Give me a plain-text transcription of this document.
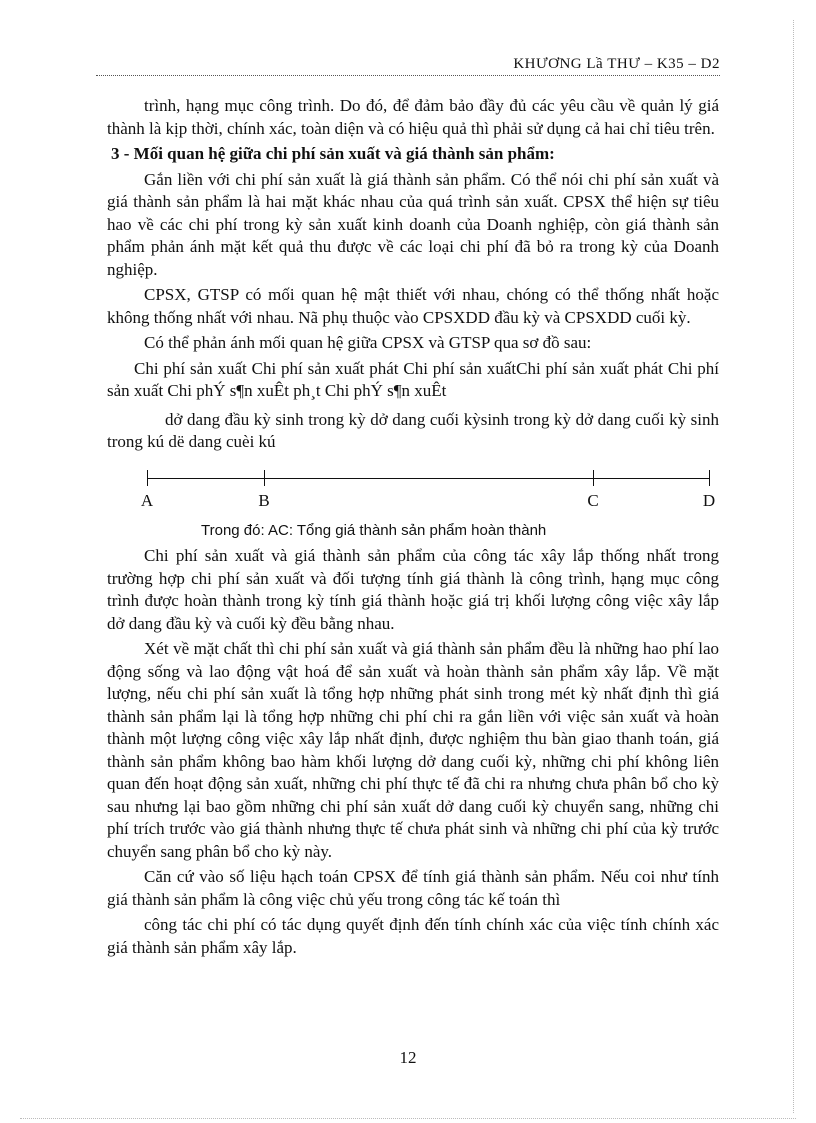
KHƯƠNG Lầ THƯ – K35 – D2

trình, hạng mục công trình. Do đó, để đảm bảo đầy đủ các yêu cầu về quản lý giá thành là kịp thời, chính xác, toàn diện và có hiệu quả thì phải sử dụng cả hai chỉ tiêu trên.

3 - Mối quan hệ giữa chi phí sản xuất và giá thành sản phẩm:

Gắn liền với chi phí sản xuất là giá thành sản phẩm. Có thể nói chi phí sản xuất và giá thành sản phẩm là hai mặt khác nhau của quá trình sản xuất. CPSX thể hiện sự tiêu hao về các chi phí trong kỳ sản xuất kinh doanh của Doanh nghiệp, còn giá thành sản phẩm phản ánh mặt kết quả thu được về các loại chi phí đã bỏ ra trong kỳ của Doanh nghiệp.

CPSX, GTSP có mối quan hệ mật thiết với nhau, chóng có thể thống nhất hoặc không thống nhất với nhau. Nã phụ thuộc vào CPSXDD đầu kỳ và CPSXDD cuối kỳ.

Có thể phản ánh mối quan hệ giữa CPSX và GTSP qua sơ đồ sau:

Chi phí sản xuất Chi phí sản xuất phát Chi phí sản xuấtChi phí sản xuất phát Chi phí sản xuất Chi phÝ s¶n xuÊt ph¸t Chi phÝ s¶n xuÊt

dở dang đầu kỳ sinh trong kỳ dở dang cuối kỳsinh trong kỳ dở dang cuối kỳ sinh trong kú dë dang cuèi kú

A	B	C	D

Trong đó: AC: Tổng giá thành sản phẩm hoàn thành

Chi phí sản xuất và giá thành sản phẩm của công tác xây lắp thống nhất trong trường hợp chi phí sản xuất và đối tượng tính giá thành là công trình, hạng mục công trình được hoàn thành trong kỳ tính giá thành hoặc giá trị khối lượng công việc xây lắp dở dang đầu kỳ và cuối kỳ đều bằng nhau.

Xét về mặt chất thì chi phí sản xuất và giá thành sản phẩm đều là những hao phí lao động sống và lao động vật hoá để sản xuất và hoàn thành sản phẩm xây lắp. Về mặt lượng, nếu chi phí sản xuất là tổng hợp những phát sinh trong mét kỳ nhất định thì giá thành sản phẩm lại là tổng hợp những chi phí chi ra gắn liền với việc sản xuất và hoàn thành một lượng công việc xây lắp nhất định, được nghiệm thu bàn giao thanh toán, giá thành sản phẩm không bao hàm khối lượng dở dang cuối kỳ, những chi phí không liên quan đến hoạt động sản xuất, những chi phí thực tế đã chi ra nhưng chưa phân bổ cho kỳ sau nhưng lại bao gồm những chi phí sản xuất dở dang cuối kỳ chuyển sang, những chi phí trích trước vào giá thành nhưng thực tế chưa phát sinh và những chi phí của kỳ trước chuyển sang phân bổ cho kỳ này.

Căn cứ vào số liệu hạch toán CPSX để tính giá thành sản phẩm. Nếu coi như tính giá thành sản phẩm là công việc chủ yếu trong công tác kế toán thì

công tác chi phí có tác dụng quyết định đến tính chính xác của việc tính chính xác giá thành sản phẩm xây lắp.

12
